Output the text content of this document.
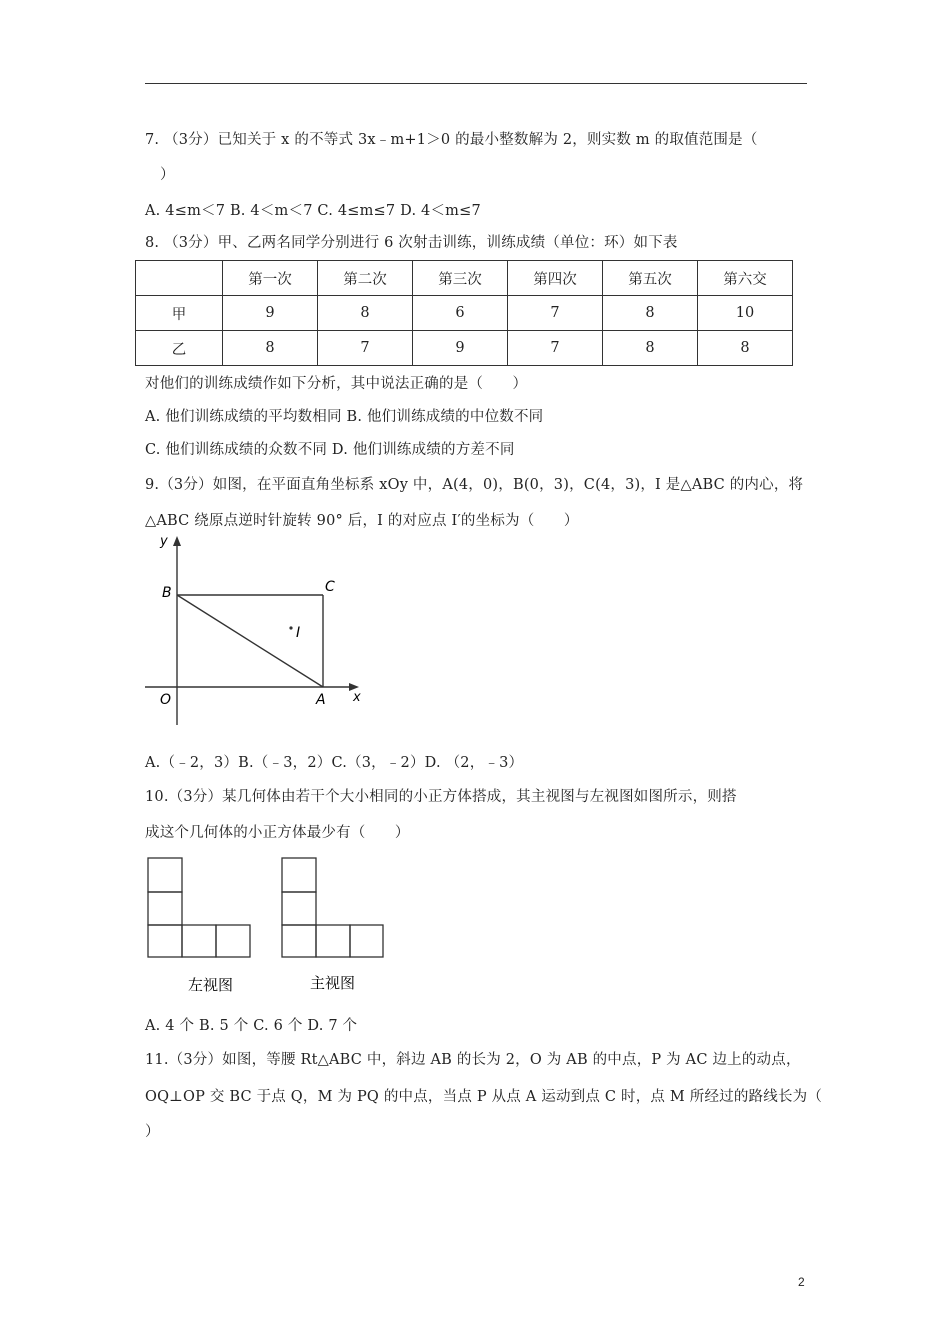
7. （3分）已知关于 x 的不等式 3x﹣m+1＞0 的最小整数解为 2，则实数 m 的取值范围是（
）
A. 4≤m＜7 B. 4＜m＜7 C. 4≤m≤7 D. 4＜m≤7
8. （3分）甲、乙两名同学分别进行 6 次射击训练，训练成绩（单位：环）如下表
	第一次	第二次	第三次	第四次	第五次	第六交
甲	9	8	6	7	8	10
乙	8	7	9	7	8	8
对他们的训练成绩作如下分析，其中说法正确的是（　　）
A. 他们训练成绩的平均数相同 B. 他们训练成绩的中位数不同
C. 他们训练成绩的众数不同 D. 他们训练成绩的方差不同
9.（3分）如图，在平面直角坐标系 xOy 中，A(4，0)，B(0，3)，C(4，3)，I 是△ABC 的内心，将
△ABC 绕原点逆时针旋转 90° 后，I 的对应点 I′的坐标为（　　）
y
B	C
I
O	A x
A.（﹣2，3）B.（﹣3，2）C.（3，﹣2）D. （2，﹣3）
10.（3分）某几何体由若干个大小相同的小正方体搭成，其主视图与左视图如图所示，则搭
成这个几何体的小正方体最少有（　　）
左视图	主视图
A. 4 个 B. 5 个 C. 6 个 D. 7 个
11.（3分）如图，等腰 Rt△ABC 中，斜边 AB 的长为 2，O 为 AB 的中点，P 为 AC 边上的动点，
OQ⊥OP 交 BC 于点 Q，M 为 PQ 的中点，当点 P 从点 A 运动到点 C 时，点 M 所经过的路线长为（
）
2
